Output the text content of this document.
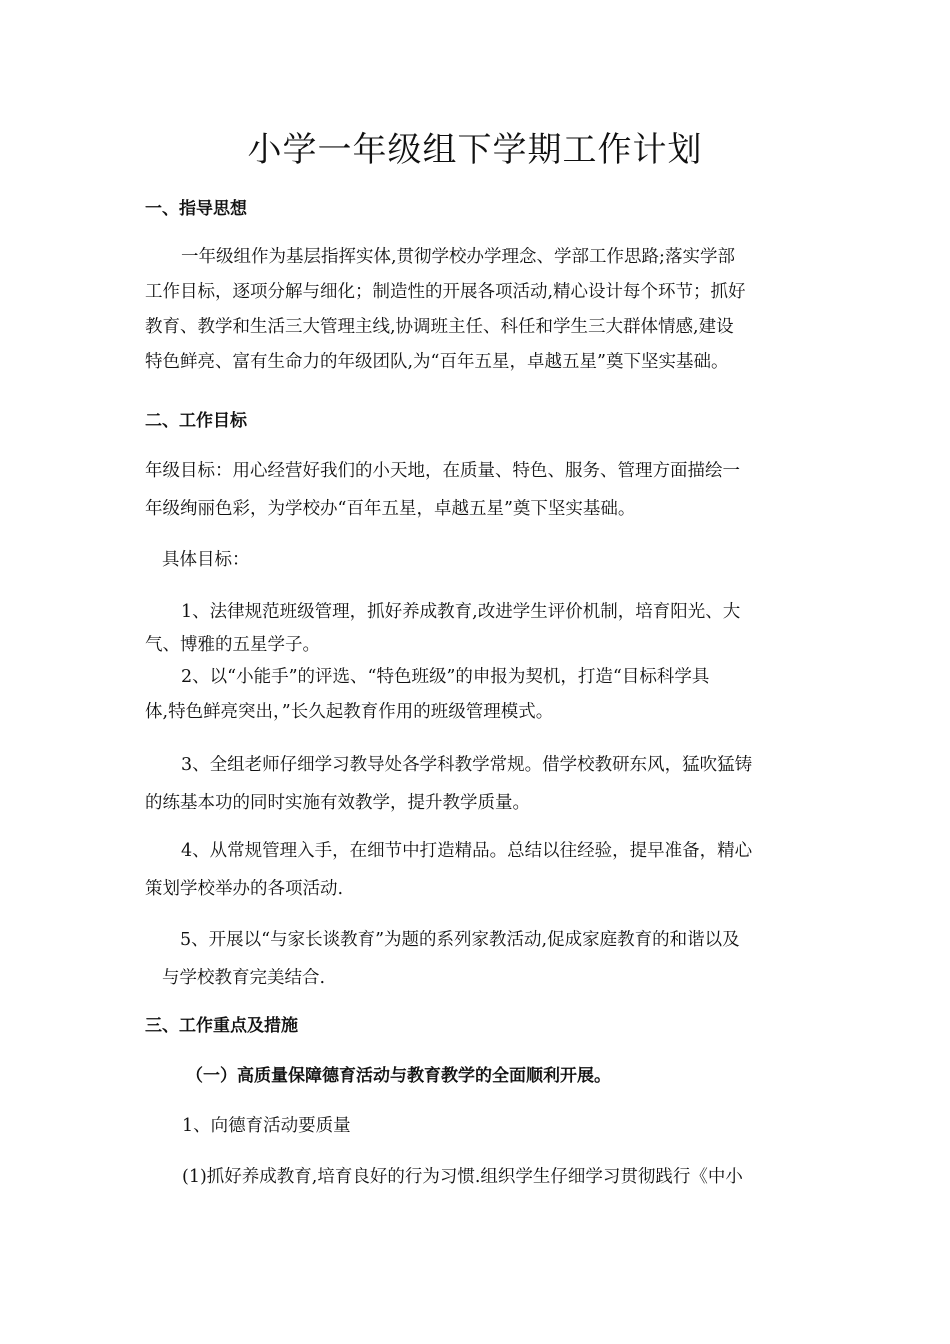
小学一年级组下学期工作计划
一、指导思想
一年级组作为基层指挥实体,贯彻学校办学理念、学部工作思路;落实学部
工作目标，逐项分解与细化；制造性的开展各项活动,精心设计每个环节；抓好
教育、教学和生活三大管理主线,协调班主任、科任和学生三大群体情感,建设
特色鲜亮、富有生命力的年级团队,为“百年五星，卓越五星”奠下坚实基础。
二、工作目标
年级目标：用心经营好我们的小天地，在质量、特色、服务、管理方面描绘一
年级绚丽色彩，为学校办“百年五星，卓越五星”奠下坚实基础。
具体目标：
1、法律规范班级管理，抓好养成教育,改进学生评价机制，培育阳光、大
气、博雅的五星学子。
2、以“小能手”的评选、“特色班级”的申报为契机，打造“目标科学具
体,特色鲜亮突出，”长久起教育作用的班级管理模式。
3、全组老师仔细学习教导处各学科教学常规。借学校教研东风，猛吹猛铸
的练基本功的同时实施有效教学，提升教学质量。
4、从常规管理入手，在细节中打造精品。总结以往经验，提早准备，精心
策划学校举办的各项活动.
5、开展以“与家长谈教育”为题的系列家教活动,促成家庭教育的和谐以及
与学校教育完美结合.
三、工作重点及措施
（一）高质量保障德育活动与教育教学的全面顺利开展。
1、向德育活动要质量
(1)抓好养成教育,培育良好的行为习惯.组织学生仔细学习贯彻践行《中小
